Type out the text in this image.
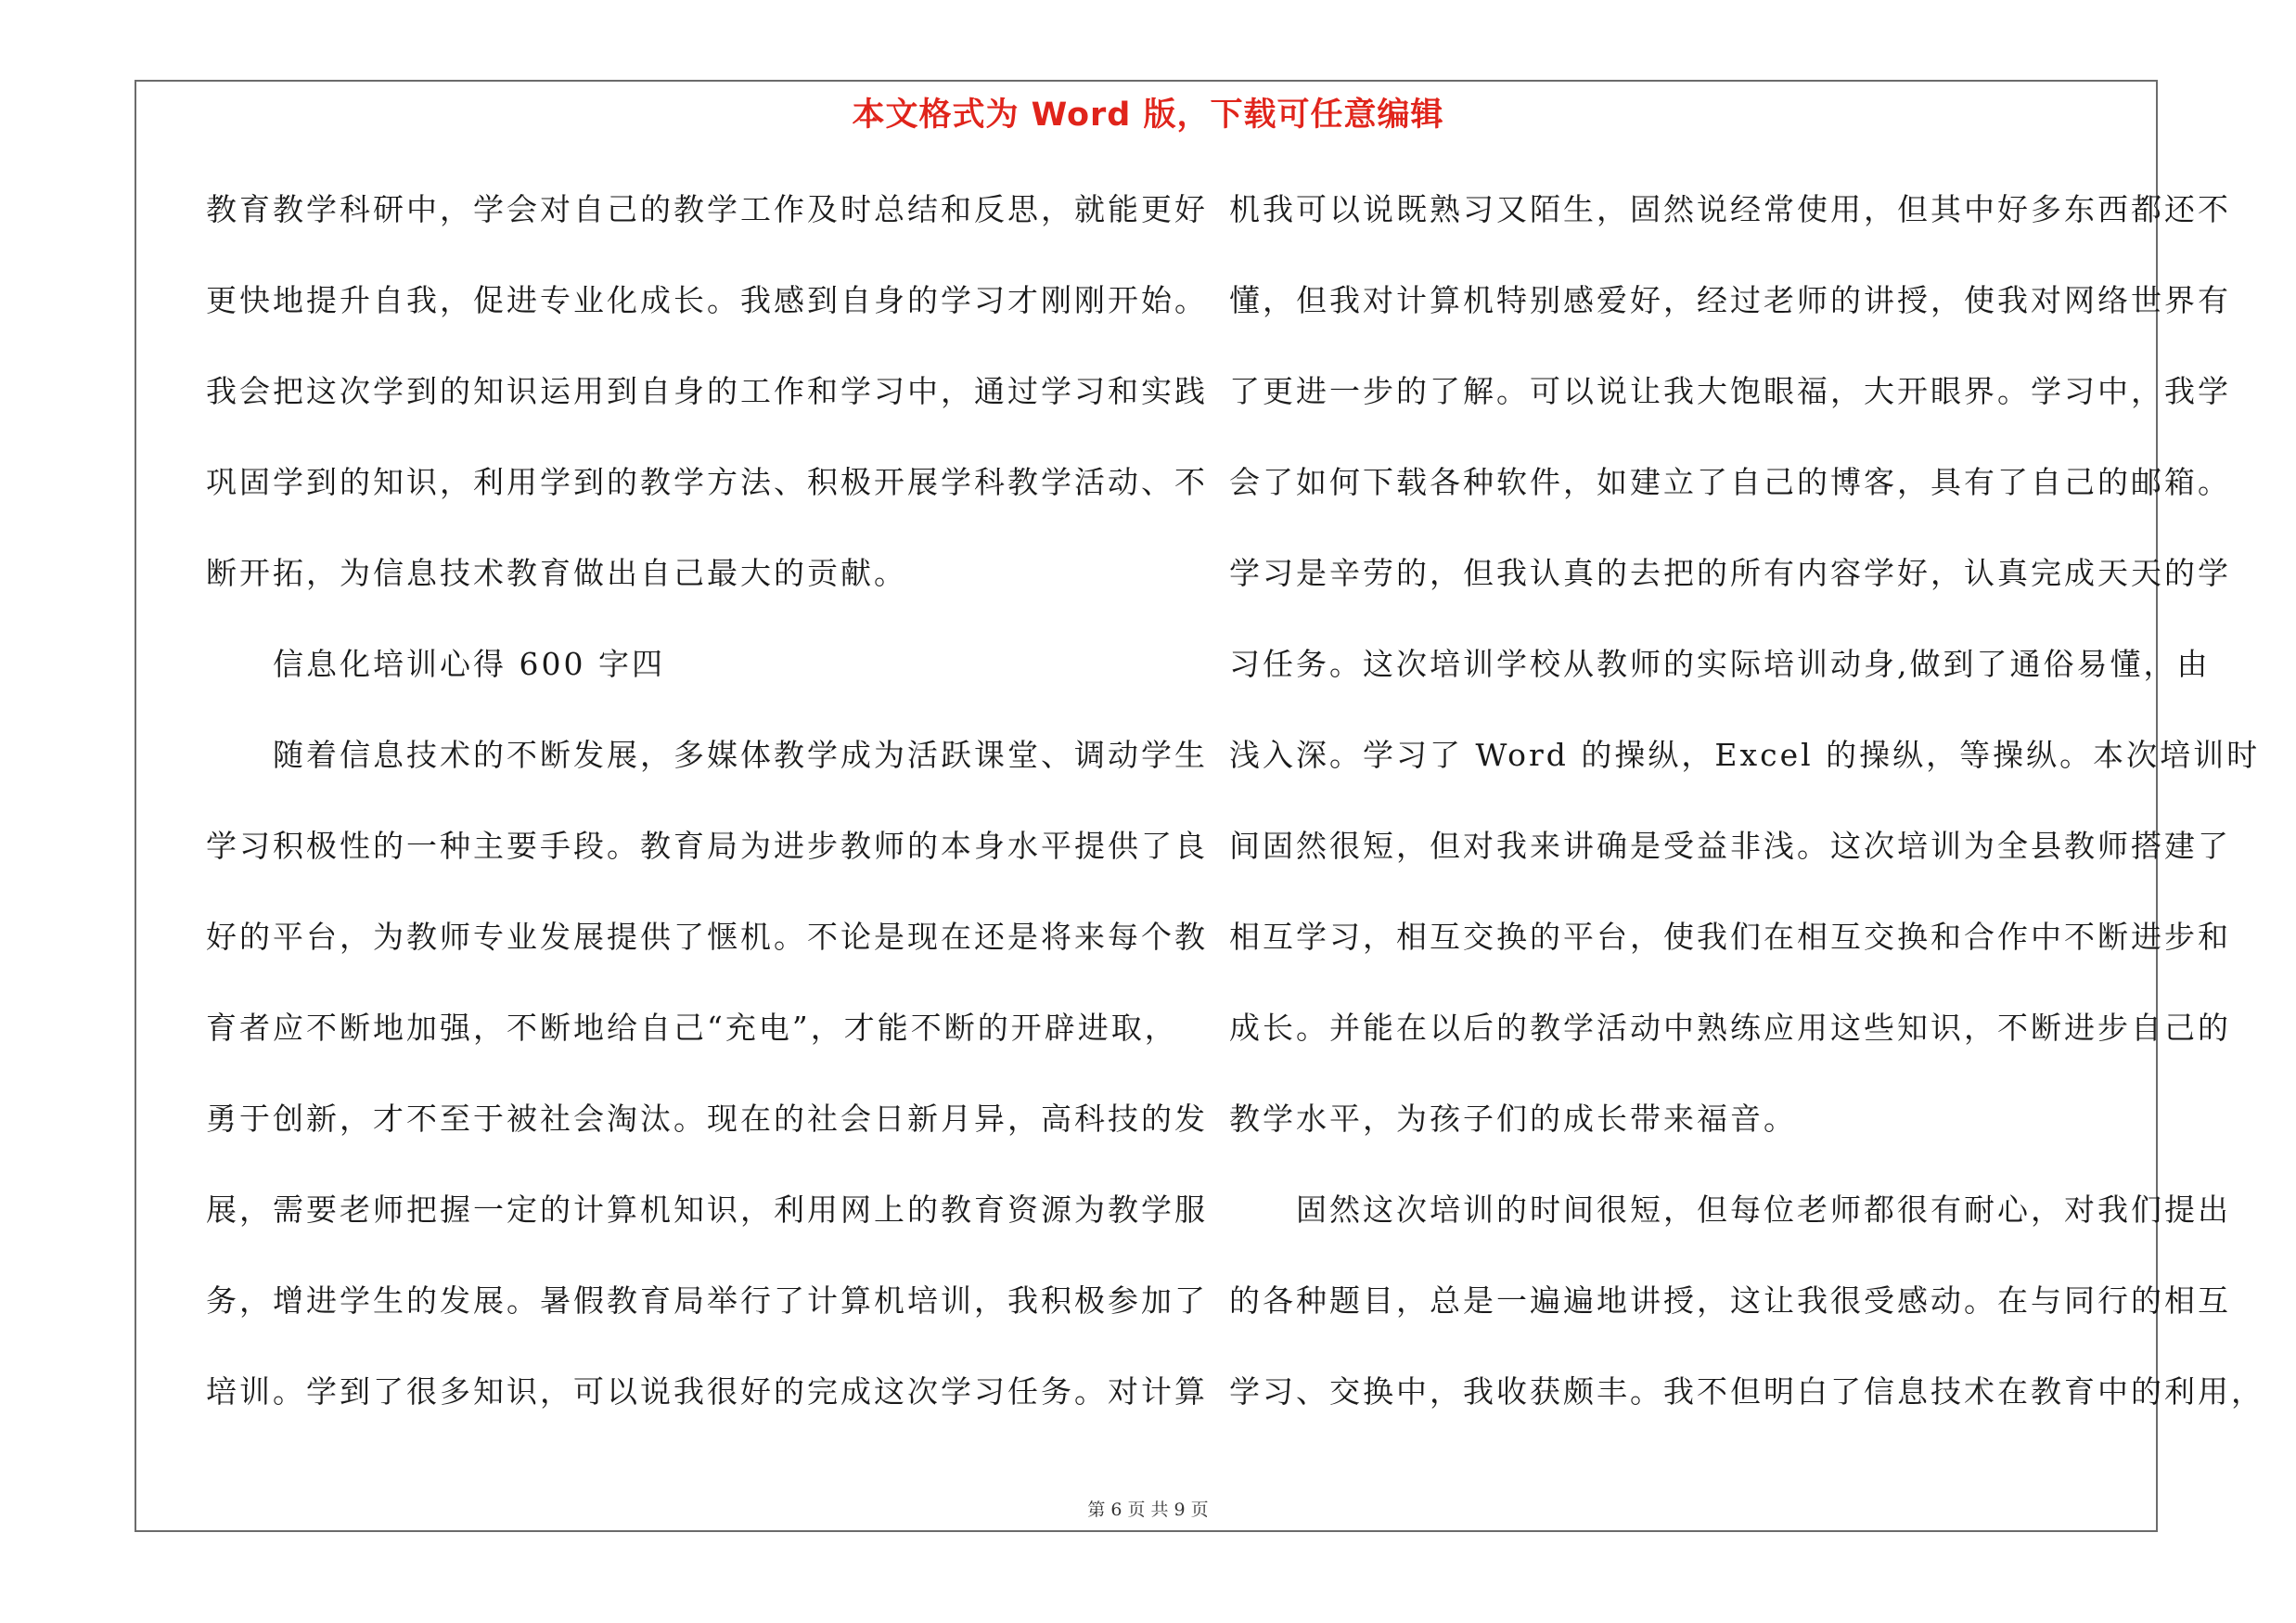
本文格式为 Word 版，下载可任意编辑
教育教学科研中，学会对自己的教学工作及时总结和反思，就能更好
更快地提升自我，促进专业化成长。我感到自身的学习才刚刚开始。
我会把这次学到的知识运用到自身的工作和学习中，通过学习和实践
巩固学到的知识，利用学到的教学方法、积极开展学科教学活动、不
断开拓，为信息技术教育做出自己最大的贡献。
　　信息化培训心得 600 字四
　　随着信息技术的不断发展，多媒体教学成为活跃课堂、调动学生
学习积极性的一种主要手段。教育局为进步教师的本身水平提供了良
好的平台，为教师专业发展提供了惬机。不论是现在还是将来每个教
育者应不断地加强，不断地给自己“充电”，才能不断的开辟进取，
勇于创新，才不至于被社会淘汰。现在的社会日新月异，高科技的发
展，需要老师把握一定的计算机知识，利用网上的教育资源为教学服
务，增进学生的发展。暑假教育局举行了计算机培训，我积极参加了
培训。学到了很多知识，可以说我很好的完成这次学习任务。对计算
机我可以说既熟习又陌生，固然说经常使用，但其中好多东西都还不
懂，但我对计算机特别感爱好，经过老师的讲授，使我对网络世界有
了更进一步的了解。可以说让我大饱眼福，大开眼界。学习中，我学
会了如何下载各种软件，如建立了自己的博客，具有了自己的邮箱。
学习是辛劳的，但我认真的去把的所有内容学好，认真完成天天的学
习任务。这次培训学校从教师的实际培训动身,做到了通俗易懂，由
浅入深。学习了 Word 的操纵，Excel 的操纵，等操纵。本次培训时
间固然很短，但对我来讲确是受益非浅。这次培训为全县教师搭建了
相互学习，相互交换的平台，使我们在相互交换和合作中不断进步和
成长。并能在以后的教学活动中熟练应用这些知识，不断进步自己的
教学水平，为孩子们的成长带来福音。
　　固然这次培训的时间很短，但每位老师都很有耐心，对我们提出
的各种题目，总是一遍遍地讲授，这让我很受感动。在与同行的相互
学习、交换中，我收获颇丰。我不但明白了信息技术在教育中的利用，
第 6 页 共 9 页
